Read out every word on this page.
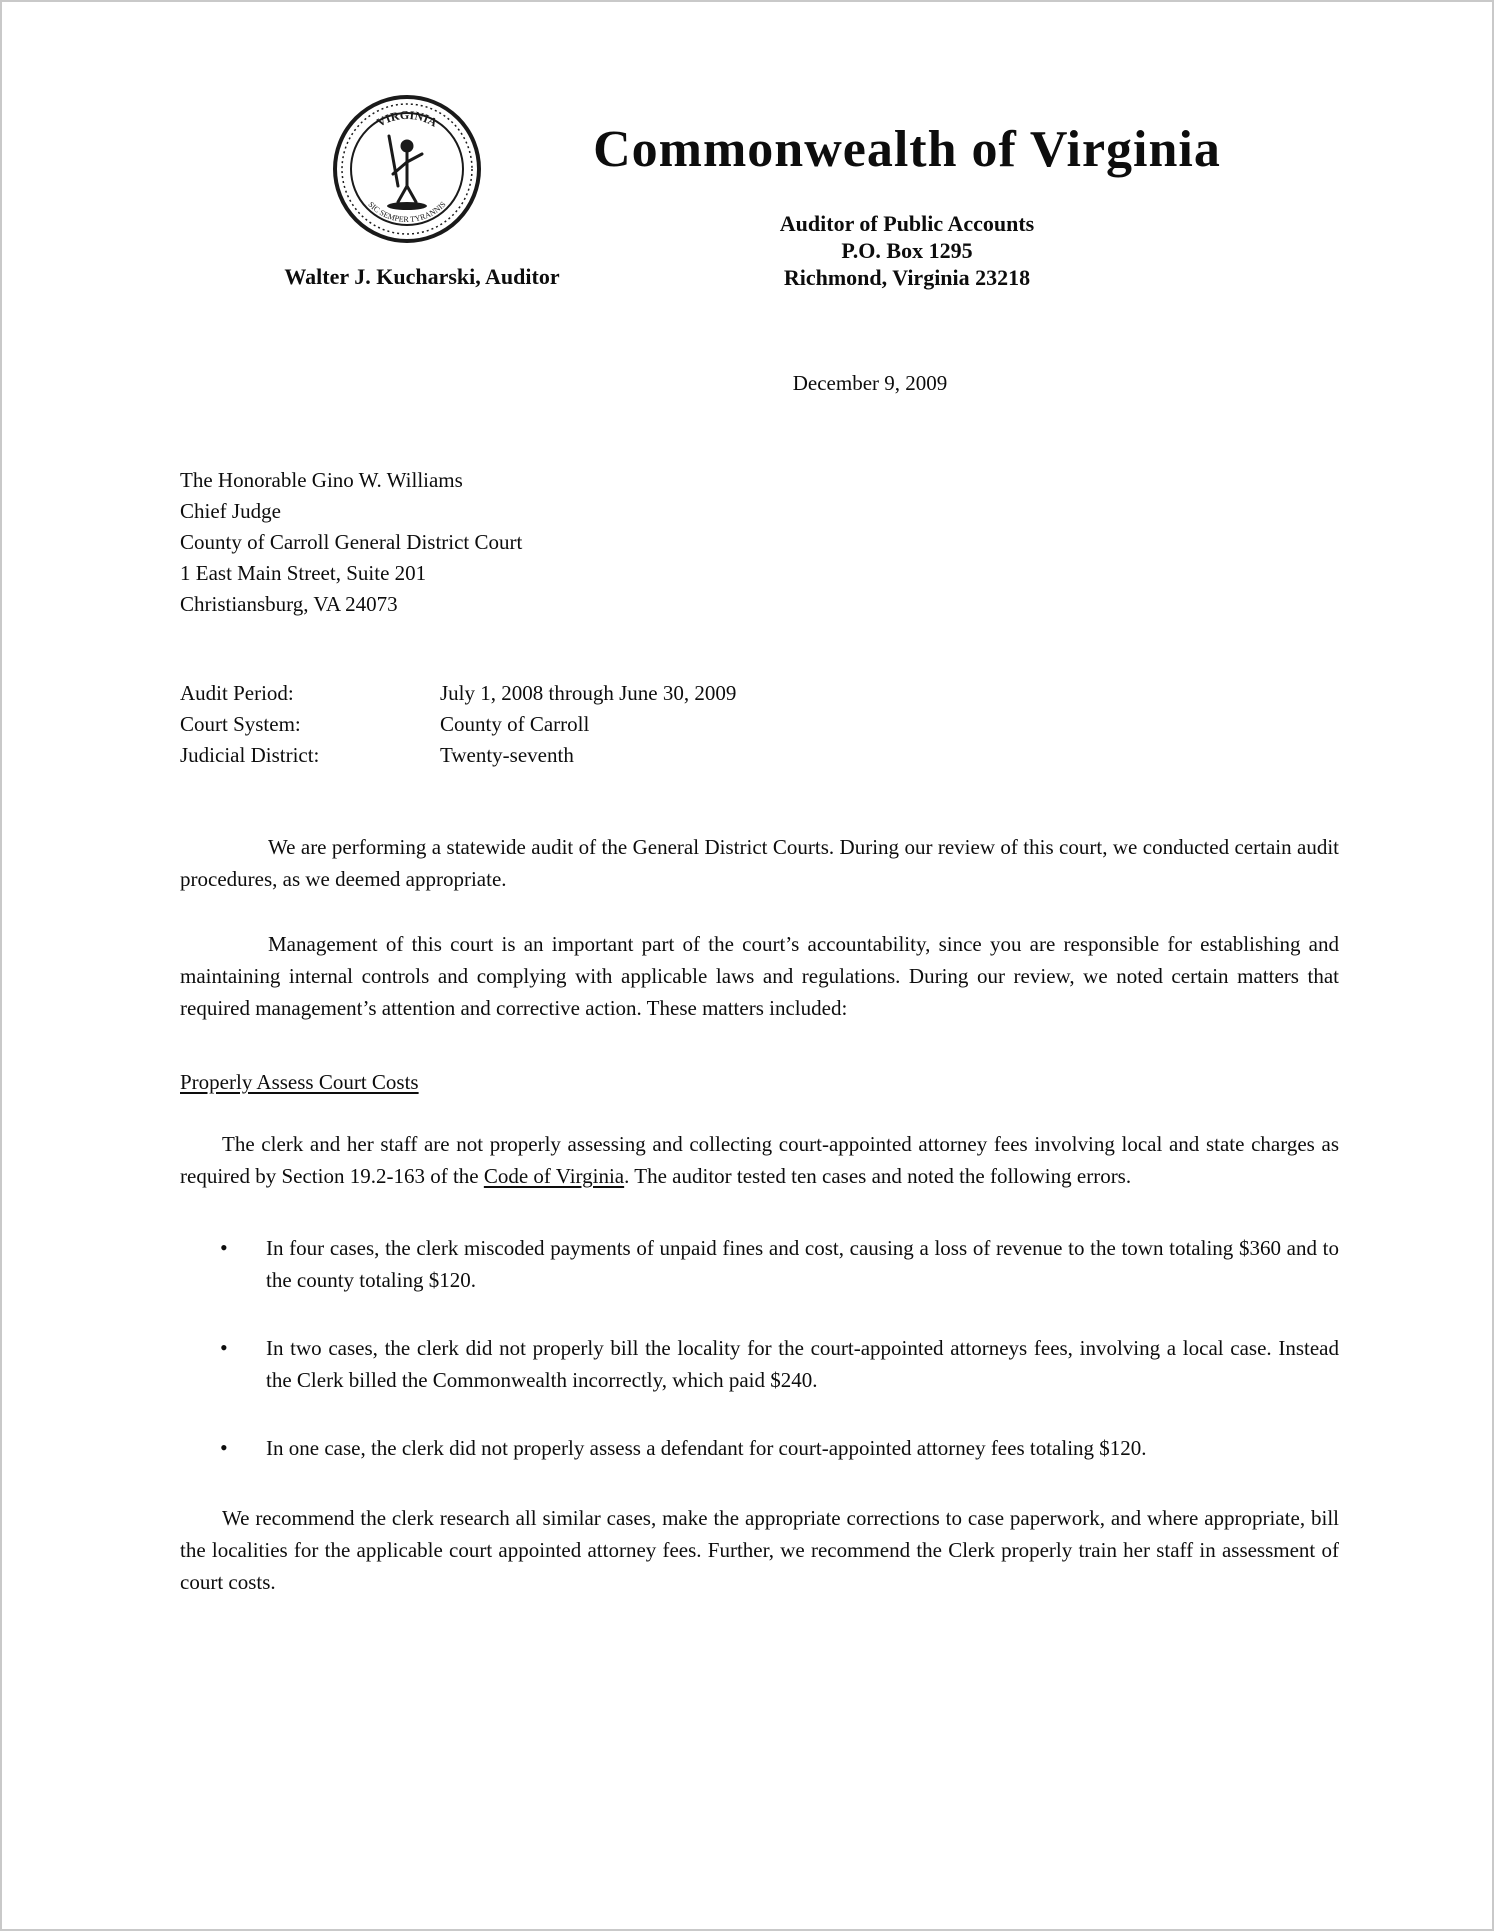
VIRGINIA
SIC SEMPER TYRANNIS
Commonwealth of Virginia
Auditor of Public Accounts
P.O. Box 1295
Richmond, Virginia 23218
Walter J. Kucharski, Auditor
December 9, 2009
The Honorable Gino W. Williams
Chief Judge
County of Carroll General District Court
1 East Main Street, Suite 201
Christiansburg, VA 24073
Audit Period:	July 1, 2008 through June 30, 2009
Court System:	County of Carroll
Judicial District:	Twenty-seventh

We are performing a statewide audit of the General District Courts. During our review of this court, we conducted certain audit procedures, as we deemed appropriate.

Management of this court is an important part of the court’s accountability, since you are responsible for establishing and maintaining internal controls and complying with applicable laws and regulations. During our review, we noted certain matters that required management’s attention and corrective action. These matters included:

Properly Assess Court Costs

The clerk and her staff are not properly assessing and collecting court-appointed attorney fees involving local and state charges as required by Section 19.2-163 of the Code of Virginia. The auditor tested ten cases and noted the following errors.

• In four cases, the clerk miscoded payments of unpaid fines and cost, causing a loss of revenue to the town totaling $360 and to the county totaling $120.
• In two cases, the clerk did not properly bill the locality for the court-appointed attorneys fees, involving a local case. Instead the Clerk billed the Commonwealth incorrectly, which paid $240.
• In one case, the clerk did not properly assess a defendant for court-appointed attorney fees totaling $120.

We recommend the clerk research all similar cases, make the appropriate corrections to case paperwork, and where appropriate, bill the localities for the applicable court appointed attorney fees. Further, we recommend the Clerk properly train her staff in assessment of court costs.
